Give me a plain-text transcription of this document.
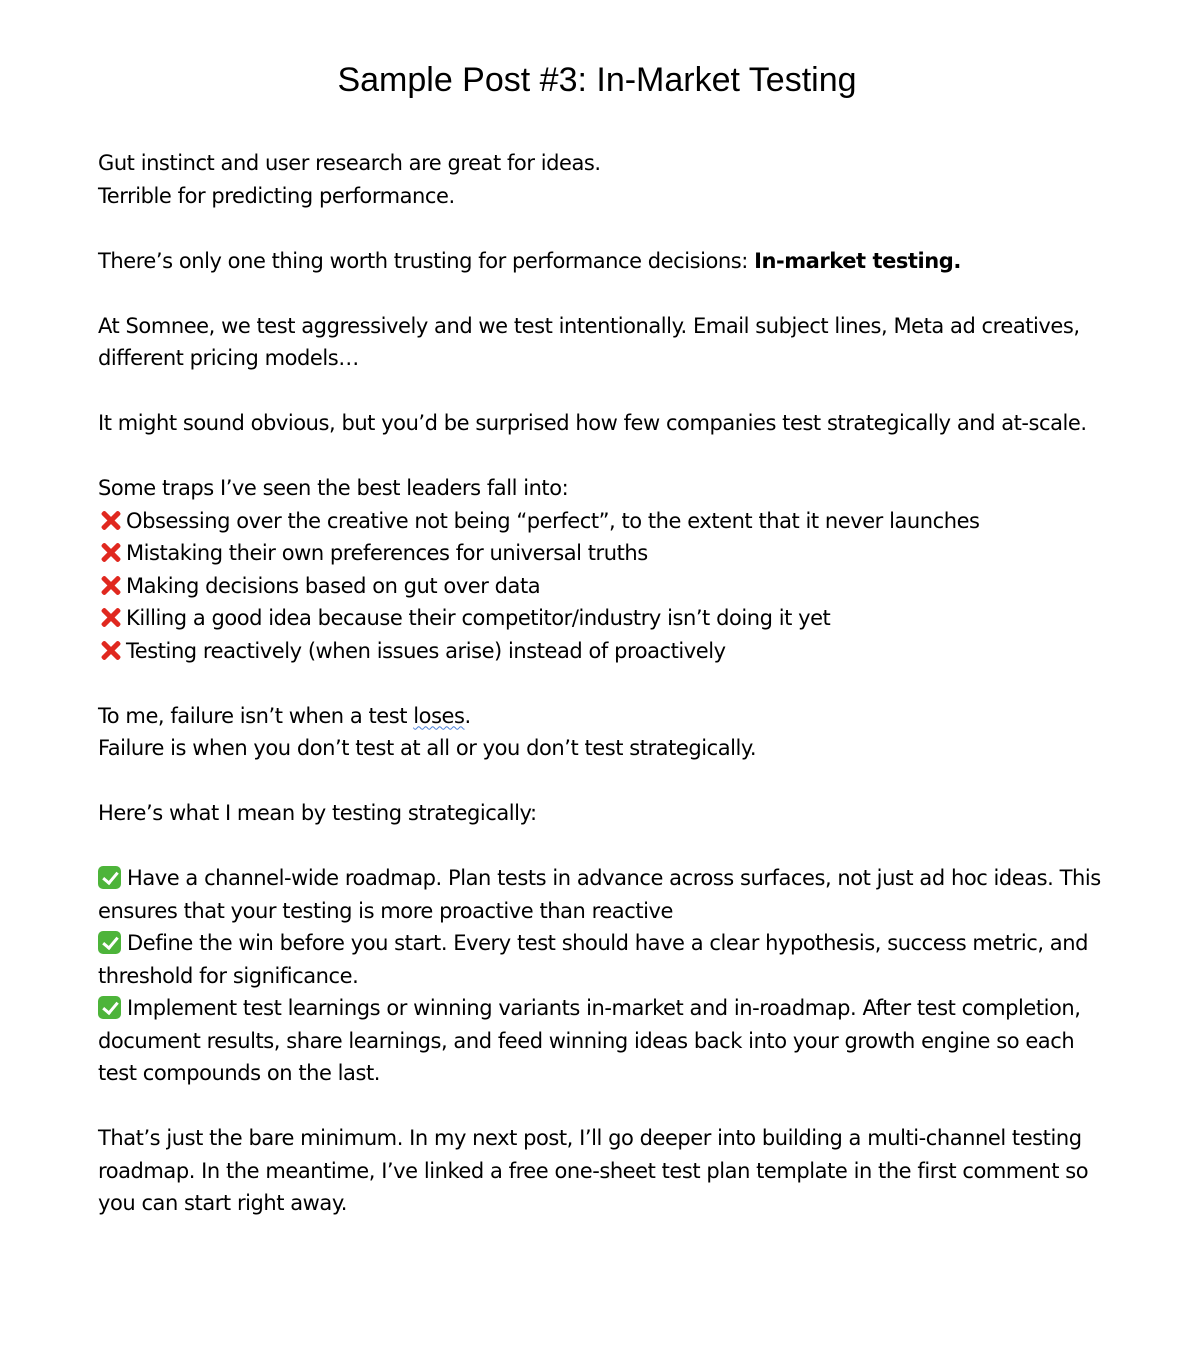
Sample Post #3: In-Market Testing
Gut instinct and user research are great for ideas.
Terrible for predicting performance.
There’s only one thing worth trusting for performance decisions: In-market testing.
At Somnee, we test aggressively and we test intentionally. Email subject lines, Meta ad creatives,
different pricing models…
It might sound obvious, but you’d be surprised how few companies test strategically and at-scale.
Some traps I’ve seen the best leaders fall into:
Obsessing over the creative not being “perfect”, to the extent that it never launches
Mistaking their own preferences for universal truths
Making decisions based on gut over data
Killing a good idea because their competitor/industry isn’t doing it yet
Testing reactively (when issues arise) instead of proactively
To me, failure isn’t when a test loses.
Failure is when you don’t test at all or you don’t test strategically.
Here’s what I mean by testing strategically:
Have a channel-wide roadmap. Plan tests in advance across surfaces, not just ad hoc ideas. This
ensures that your testing is more proactive than reactive
Define the win before you start. Every test should have a clear hypothesis, success metric, and
threshold for significance.
Implement test learnings or winning variants in-market and in-roadmap. After test completion,
document results, share learnings, and feed winning ideas back into your growth engine so each
test compounds on the last.
That’s just the bare minimum. In my next post, I’ll go deeper into building a multi-channel testing
roadmap. In the meantime, I’ve linked a free one-sheet test plan template in the first comment so
you can start right away.
